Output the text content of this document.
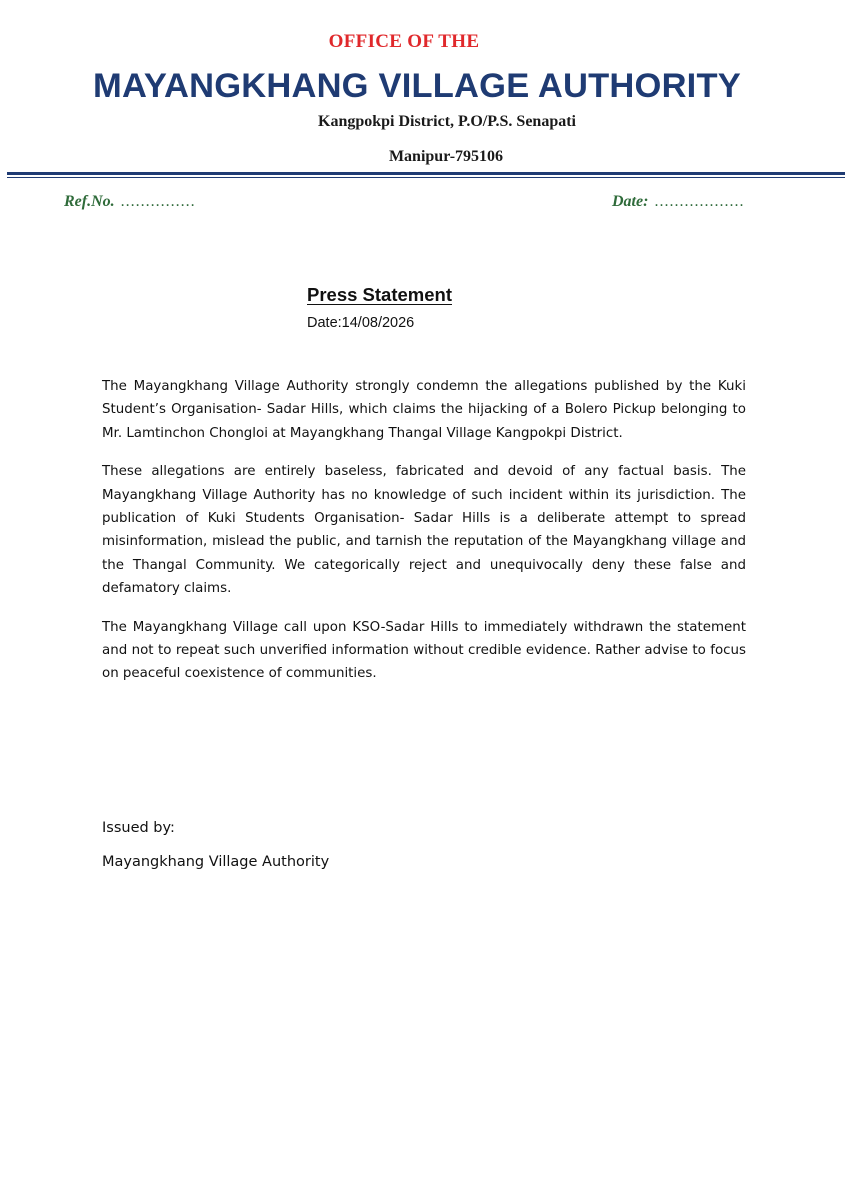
OFFICE OF THE
MAYANGKHANG VILLAGE AUTHORITY
Kangpokpi District, P.O/P.S. Senapati
Manipur-795106
Ref.No. ...............	Date: ..................
Press Statement
Date:14/08/2026

The Mayangkhang Village Authority strongly condemn the allegations published by the Kuki Student’s Organisation- Sadar Hills, which claims the hijacking of a Bolero Pickup belonging to Mr. Lamtinchon Chongloi at Mayangkhang Thangal Village Kangpokpi District.

These allegations are entirely baseless, fabricated and devoid of any factual basis. The Mayangkhang Village Authority has no knowledge of such incident within its jurisdiction. The publication of Kuki Students Organisation- Sadar Hills is a deliberate attempt to spread misinformation, mislead the public, and tarnish the reputation of the Mayangkhang village and the Thangal Community. We categorically reject and unequivocally deny these false and defamatory claims.

The Mayangkhang Village call upon KSO-Sadar Hills to immediately withdrawn the statement and not to repeat such unverified information without credible evidence. Rather advise to focus on peaceful coexistence of communities.

Issued by:
Mayangkhang Village Authority
